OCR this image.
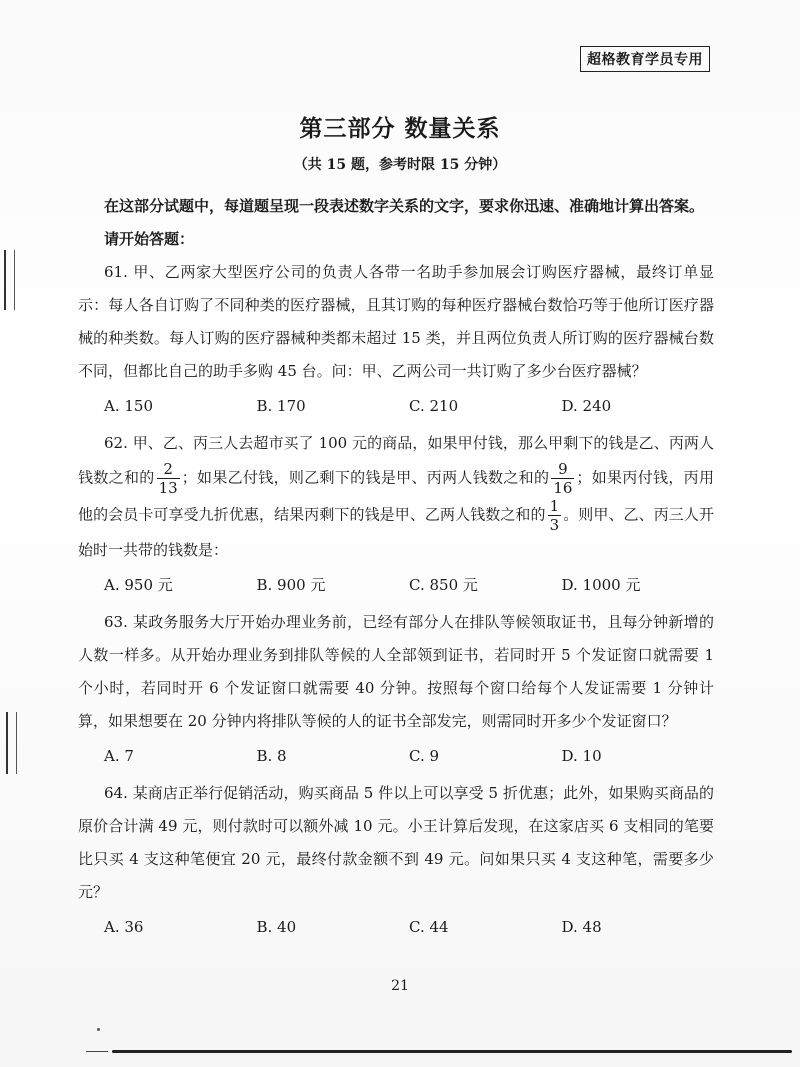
超格教育学员专用
第三部分 数量关系
（共 15 题，参考时限 15 分钟）
在这部分试题中，每道题呈现一段表述数字关系的文字，要求你迅速、准确地计算出答案。
请开始答题：
61. 甲、乙两家大型医疗公司的负责人各带一名助手参加展会订购医疗器械，最终订单显示：每人各自订购了不同种类的医疗器械，且其订购的每种医疗器械台数恰巧等于他所订医疗器械的种类数。每人订购的医疗器械种类都未超过 15 类，并且两位负责人所订购的医疗器械台数不同，但都比自己的助手多购 45 台。问：甲、乙两公司一共订购了多少台医疗器械？
A. 150	B. 170	C. 210	D. 240
62. 甲、乙、丙三人去超市买了 100 元的商品，如果甲付钱，那么甲剩下的钱是乙、丙两人钱数之和的 $\frac{2}{13}$ ；如果乙付钱，则乙剩下的钱是甲、丙两人钱数之和的 $\frac{9}{16}$ ；如果丙付钱，丙用他的会员卡可享受九折优惠，结果丙剩下的钱是甲、乙两人钱数之和的 $\frac{1}{3}$ 。则甲、乙、丙三人开始时一共带的钱数是：
A. 950 元	B. 900 元	C. 850 元	D. 1000 元
63. 某政务服务大厅开始办理业务前，已经有部分人在排队等候领取证书，且每分钟新增的人数一样多。从开始办理业务到排队等候的人全部领到证书，若同时开 5 个发证窗口就需要 1 个小时，若同时开 6 个发证窗口就需要 40 分钟。按照每个窗口给每个人发证需要 1 分钟计算，如果想要在 20 分钟内将排队等候的人的证书全部发完，则需同时开多少个发证窗口？
A. 7	B. 8	C. 9	D. 10
64. 某商店正举行促销活动，购买商品 5 件以上可以享受 5 折优惠；此外，如果购买商品的原价合计满 49 元，则付款时可以额外减 10 元。小王计算后发现，在这家店买 6 支相同的笔要比只买 4 支这种笔便宜 20 元，最终付款金额不到 49 元。问如果只买 4 支这种笔，需要多少元？
A. 36	B. 40	C. 44	D. 48
21
